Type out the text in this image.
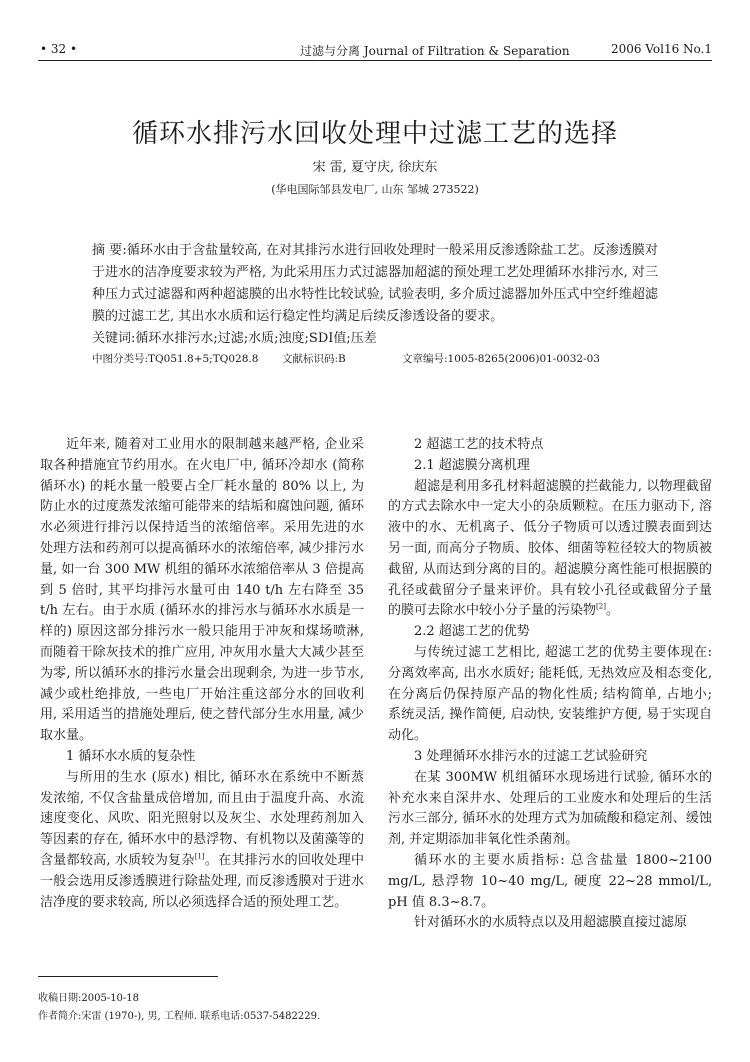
• 32 •	过滤与分离 Journal of Filtration & Separation	2006 Vol16 No.1
循环水排污水回收处理中过滤工艺的选择
宋 雷, 夏守庆, 徐庆东
(华电国际邹县发电厂, 山东 邹城 273522)

摘 要:循环水由于含盐量较高, 在对其排污水进行回收处理时一般采用反渗透除盐工艺。反渗透膜对于进水的洁净度要求较为严格, 为此采用压力式过滤器加超滤的预处理工艺处理循环水排污水, 对三种压力式过滤器和两种超滤膜的出水特性比较试验, 试验表明, 多介质过滤器加外压式中空纤维超滤膜的过滤工艺, 其出水水质和运行稳定性均满足后续反渗透设备的要求。

关键词:循环水排污水;过滤;水质;浊度;SDI值;压差

中图分类号:TQ051.8+5;TQ028.8 文献标识码:B	文章编号:1005-8265(2006)01-0032-03

近年来, 随着对工业用水的限制越来越严格, 企业采取各种措施宜节约用水。在火电厂中, 循环冷却水 (简称循环水) 的耗水量一般要占全厂耗水量的 80% 以上, 为防止水的过度蒸发浓缩可能带来的结垢和腐蚀问题, 循环水必须进行排污以保持适当的浓缩倍率。采用先进的水处理方法和药剂可以提高循环水的浓缩倍率, 减少排污水量, 如一台 300 MW 机组的循环水浓缩倍率从 3 倍提高到 5 倍时, 其平均排污水量可由 140 t/h 左右降至 35 t/h 左右。由于水质 (循环水的排污水与循环水水质是一样的) 原因这部分排污水一般只能用于冲灰和煤场喷淋, 而随着干除灰技术的推广应用, 冲灰用水量大大减少甚至为零, 所以循环水的排污水量会出现剩余, 为进一步节水, 减少或杜绝排放, 一些电厂开始注重这部分水的回收利用, 采用适当的措施处理后, 使之替代部分生水用量, 减少取水量。

1 循环水水质的复杂性

与所用的生水 (原水) 相比, 循环水在系统中不断蒸发浓缩, 不仅含盐量成倍增加, 而且由于温度升高、水流速度变化、风吹、阳光照射以及灰尘、水处理药剂加入等因素的存在, 循环水中的悬浮物、有机物以及菌藻等的含量都较高, 水质较为复杂[1]。在其排污水的回收处理中一般会选用反渗透膜进行除盐处理, 而反渗透膜对于进水洁净度的要求较高, 所以必须选择合适的预处理工艺。

2 超滤工艺的技术特点
2.1 超滤膜分离机理

超滤是利用多孔材料超滤膜的拦截能力, 以物理截留的方式去除水中一定大小的杂质颗粒。在压力驱动下, 溶液中的水、无机离子、低分子物质可以透过膜表面到达另一面, 而高分子物质、胶体、细菌等粒径较大的物质被截留, 从而达到分离的目的。超滤膜分离性能可根据膜的孔径或截留分子量来评价。具有较小孔径或截留分子量的膜可去除水中较小分子量的污染物[2]。

2.2 超滤工艺的优势

与传统过滤工艺相比, 超滤工艺的优势主要体现在: 分离效率高, 出水水质好; 能耗低, 无热效应及相态变化, 在分离后仍保持原产品的物化性质; 结构简单, 占地小; 系统灵活, 操作简便, 启动快, 安装维护方便, 易于实现自动化。

3 处理循环水排污水的过滤工艺试验研究

在某 300MW 机组循环水现场进行试验, 循环水的补充水来自深井水、处理后的工业废水和处理后的生活污水三部分, 循环水的处理方式为加硫酸和稳定剂、缓蚀剂, 并定期添加非氧化性杀菌剂。

循环水的主要水质指标: 总含盐量 1800~2100 mg/L, 悬浮物 10~40 mg/L, 硬度 22~28 mmol/L, pH 值 8.3~8.7。

针对循环水的水质特点以及用超滤膜直接过滤原

收稿日期:2005-10-18
作者简介:宋雷 (1970-), 男, 工程师. 联系电话:0537-5482229.
